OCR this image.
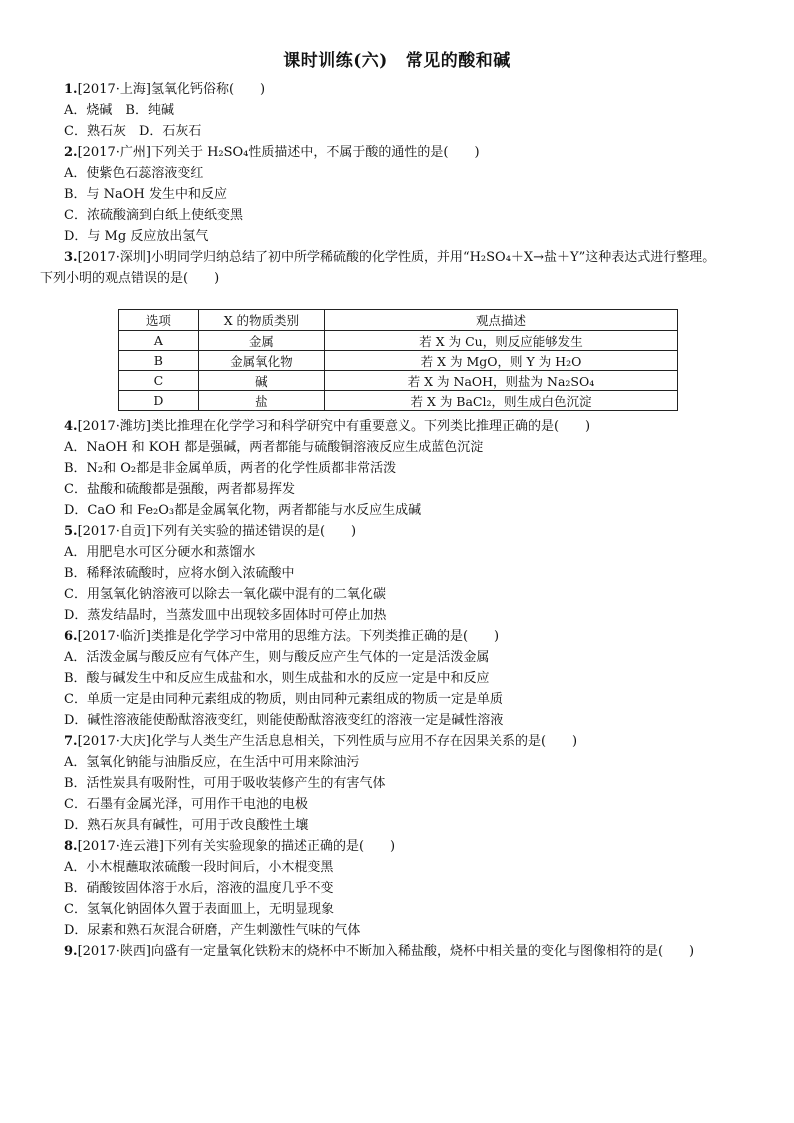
课时训练(六) 常见的酸和碱
1.[2017·上海]氢氧化钙俗称(　　)
A．烧碱　B．纯碱
C．熟石灰　D．石灰石
2.[2017·广州]下列关于 H₂SO₄性质描述中，不属于酸的通性的是(　　)
A．使紫色石蕊溶液变红
B．与 NaOH 发生中和反应
C．浓硫酸滴到白纸上使纸变黑
D．与 Mg 反应放出氢气
3.[2017·深圳]小明同学归纳总结了初中所学稀硫酸的化学性质，并用“H₂SO₄＋X→盐＋Y”这种表达式进行整理。
下列小明的观点错误的是(　　)
选项	X 的物质类别	观点描述
A	金属	若 X 为 Cu，则反应能够发生
B	金属氧化物	若 X 为 MgO，则 Y 为 H₂O
C	碱	若 X 为 NaOH，则盐为 Na₂SO₄
D	盐	若 X 为 BaCl₂，则生成白色沉淀
4.[2017·潍坊]类比推理在化学学习和科学研究中有重要意义。下列类比推理正确的是(　　)
A．NaOH 和 KOH 都是强碱，两者都能与硫酸铜溶液反应生成蓝色沉淀
B．N₂和 O₂都是非金属单质，两者的化学性质都非常活泼
C．盐酸和硫酸都是强酸，两者都易挥发
D．CaO 和 Fe₂O₃都是金属氧化物，两者都能与水反应生成碱
5.[2017·自贡]下列有关实验的描述错误的是(　　)
A．用肥皂水可区分硬水和蒸馏水
B．稀释浓硫酸时，应将水倒入浓硫酸中
C．用氢氧化钠溶液可以除去一氧化碳中混有的二氧化碳
D．蒸发结晶时，当蒸发皿中出现较多固体时可停止加热
6.[2017·临沂]类推是化学学习中常用的思维方法。下列类推正确的是(　　)
A．活泼金属与酸反应有气体产生，则与酸反应产生气体的一定是活泼金属
B．酸与碱发生中和反应生成盐和水，则生成盐和水的反应一定是中和反应
C．单质一定是由同种元素组成的物质，则由同种元素组成的物质一定是单质
D．碱性溶液能使酚酞溶液变红，则能使酚酞溶液变红的溶液一定是碱性溶液
7.[2017·大庆]化学与人类生产生活息息相关，下列性质与应用不存在因果关系的是(　　)
A．氢氧化钠能与油脂反应，在生活中可用来除油污
B．活性炭具有吸附性，可用于吸收装修产生的有害气体
C．石墨有金属光泽，可用作干电池的电极
D．熟石灰具有碱性，可用于改良酸性土壤
8.[2017·连云港]下列有关实验现象的描述正确的是(　　)
A．小木棍蘸取浓硫酸一段时间后，小木棍变黑
B．硝酸铵固体溶于水后，溶液的温度几乎不变
C．氢氧化钠固体久置于表面皿上，无明显现象
D．尿素和熟石灰混合研磨，产生刺激性气味的气体
9.[2017·陕西]向盛有一定量氧化铁粉末的烧杯中不断加入稀盐酸，烧杯中相关量的变化与图像相符的是(　　)
